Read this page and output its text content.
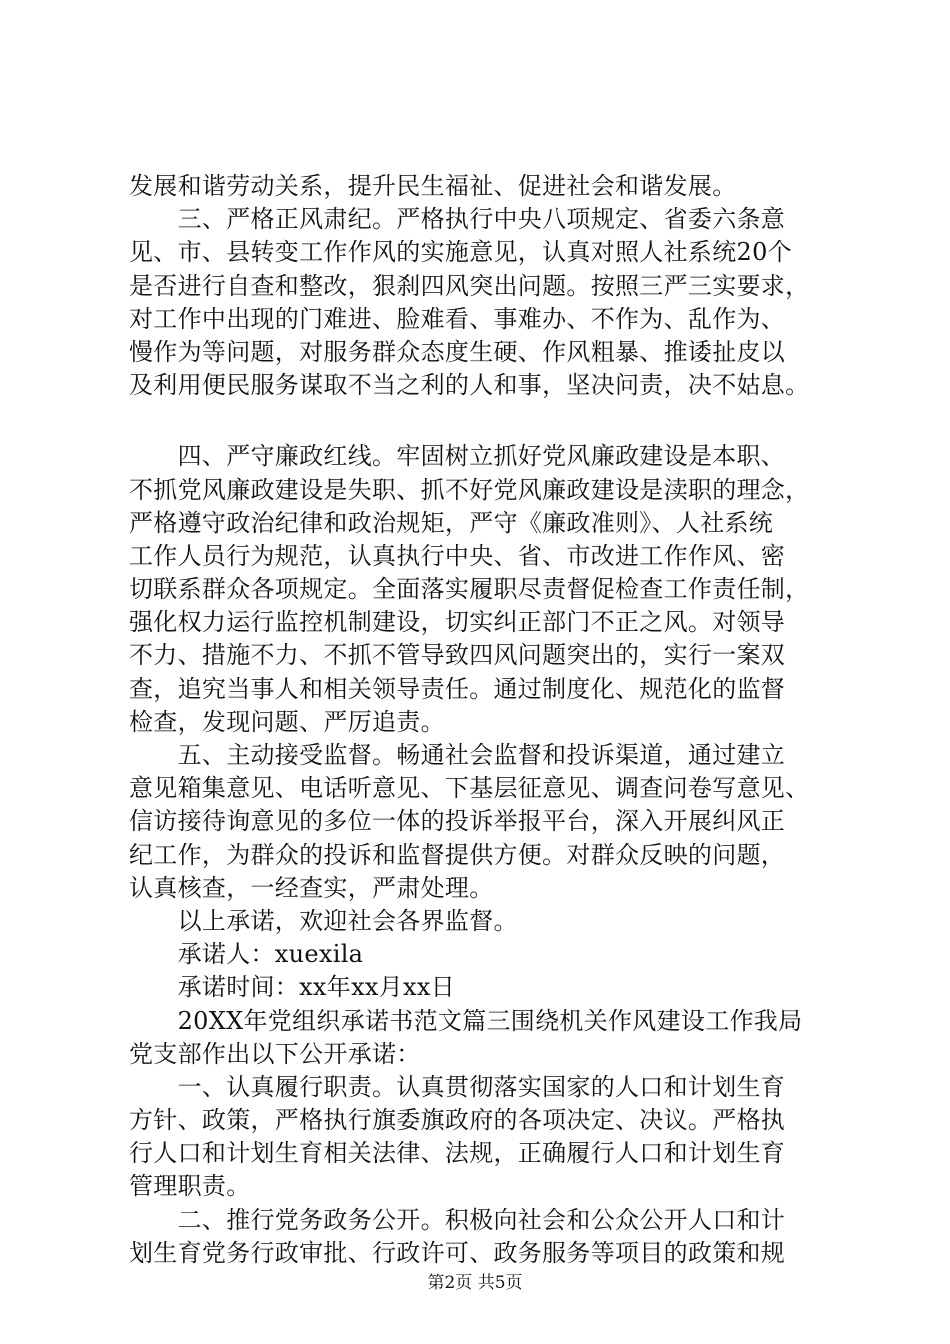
发展和谐劳动关系，提升民生福祉、促进社会和谐发展。
　　三、严格正风肃纪。严格执行中央八项规定、省委六条意
见、市、县转变工作作风的实施意见，认真对照人社系统20个
是否进行自查和整改，狠刹四风突出问题。按照三严三实要求，
对工作中出现的门难进、脸难看、事难办、不作为、乱作为、
慢作为等问题，对服务群众态度生硬、作风粗暴、推诿扯皮以
及利用便民服务谋取不当之利的人和事，坚决问责，决不姑息。
　　四、严守廉政红线。牢固树立抓好党风廉政建设是本职、
不抓党风廉政建设是失职、抓不好党风廉政建设是渎职的理念，
严格遵守政治纪律和政治规矩，严守《廉政准则》、人社系统
工作人员行为规范，认真执行中央、省、市改进工作作风、密
切联系群众各项规定。全面落实履职尽责督促检查工作责任制，
强化权力运行监控机制建设，切实纠正部门不正之风。对领导
不力、措施不力、不抓不管导致四风问题突出的，实行一案双
查，追究当事人和相关领导责任。通过制度化、规范化的监督
检查，发现问题、严厉追责。
　　五、主动接受监督。畅通社会监督和投诉渠道，通过建立
意见箱集意见、电话听意见、下基层征意见、调查问卷写意见、
信访接待询意见的多位一体的投诉举报平台，深入开展纠风正
纪工作，为群众的投诉和监督提供方便。对群众反映的问题，
认真核查，一经查实，严肃处理。
　　以上承诺，欢迎社会各界监督。
　　承诺人：xuexila
　　承诺时间：xx年xx月xx日
　　20XX年党组织承诺书范文篇三围绕机关作风建设工作我局
党支部作出以下公开承诺：
　　一、认真履行职责。认真贯彻落实国家的人口和计划生育
方针、政策，严格执行旗委旗政府的各项决定、决议。严格执
行人口和计划生育相关法律、法规，正确履行人口和计划生育
管理职责。
　　二、推行党务政务公开。积极向社会和公众公开人口和计
划生育党务行政审批、行政许可、政务服务等项目的政策和规
第2页 共5页
